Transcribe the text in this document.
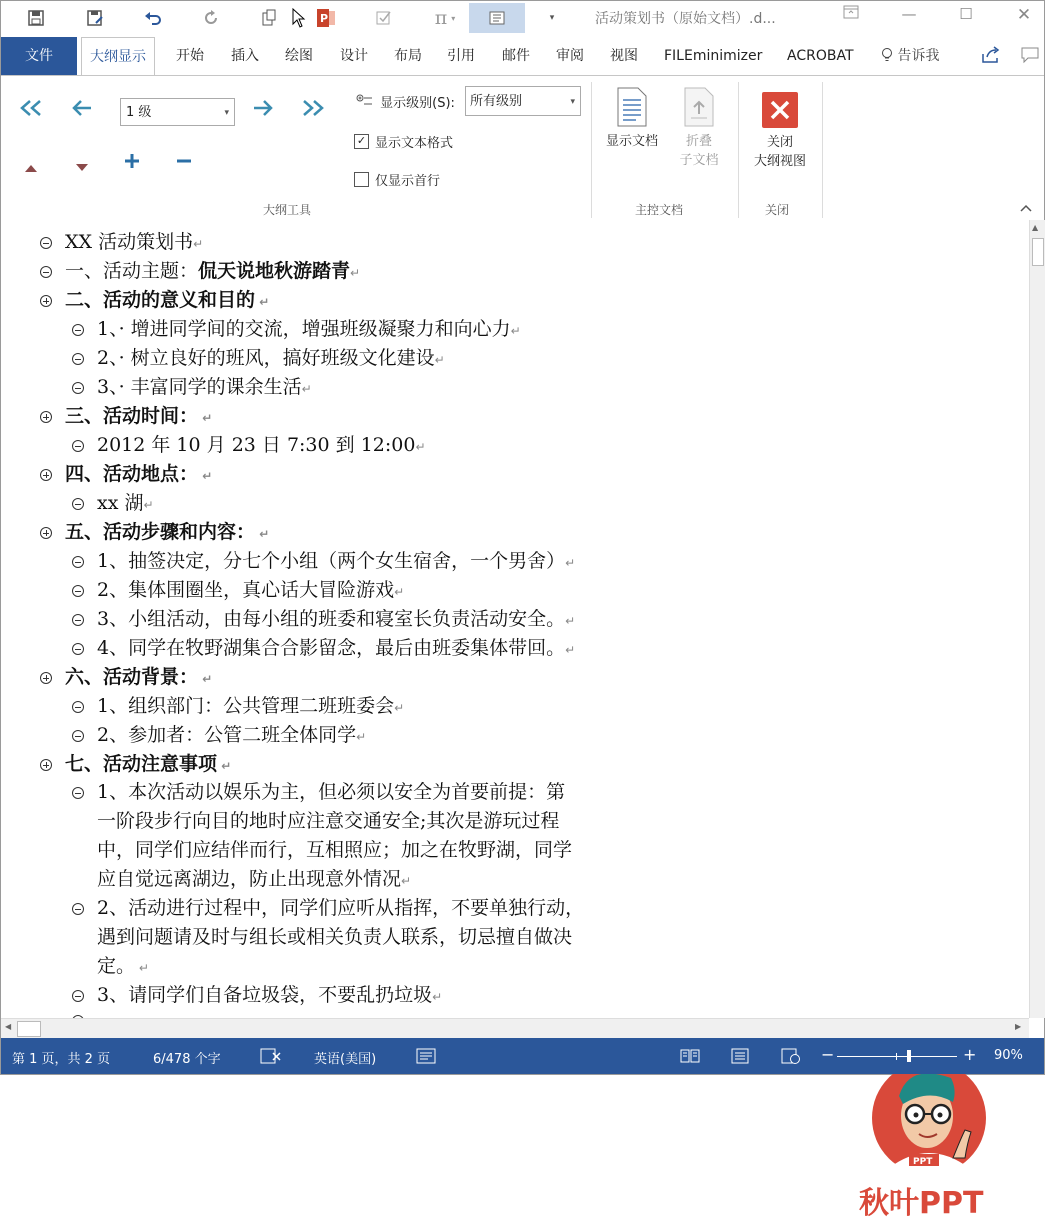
P	π ▾	▾	活动策划书（原始文档）.d...	—	☐	✕
文件	大纲显示	开始	插入	绘图	设计	布局	引用	邮件	审阅	视图	FILEminimizer	ACROBAT	告诉我
1 级	▾
显示级别(S):	所有级别	▾
✓ 显示文本格式
仅显示首行
大纲工具
显示文档	折叠
子文档
主控文档
关闭
大纲视图
关闭
XX 活动策划书↵
一、活动主题：侃天说地秋游踏青↵
二、活动的意义和目的 ↵
1、· 增进同学间的交流，增强班级凝聚力和向心力↵
2、· 树立良好的班风，搞好班级文化建设↵
3、· 丰富同学的课余生活↵
三、活动时间： ↵
2012 年 10 月 23 日 7:30 到 12:00↵
四、活动地点： ↵
xx 湖↵
五、活动步骤和内容： ↵
1、抽签决定，分七个小组（两个女生宿舍，一个男舍）↵
2、集体围圈坐，真心话大冒险游戏↵
3、小组活动，由每小组的班委和寝室长负责活动安全。↵
4、同学在牧野湖集合合影留念，最后由班委集体带回。↵
六、活动背景： ↵
1、组织部门：公共管理二班班委会↵
2、参加者：公管二班全体同学↵
七、活动注意事项 ↵
1、本次活动以娱乐为主，但必须以安全为首要前提：第
一阶段步行向目的地时应注意交通安全;其次是游玩过程
中，同学们应结伴而行，互相照应；加之在牧野湖，同学
应自觉远离湖边，防止出现意外情况↵
2、活动进行过程中，同学们应听从指挥，不要单独行动，
遇到问题请及时与组长或相关负责人联系，切忌擅自做决
定。 ↵
3、请同学们自备垃圾袋，不要乱扔垃圾↵
PPT
秋叶PPT
▲
◀	▶
第 1 页，共 2 页	6/478 个字	英语(美国)	−	+ 90%
